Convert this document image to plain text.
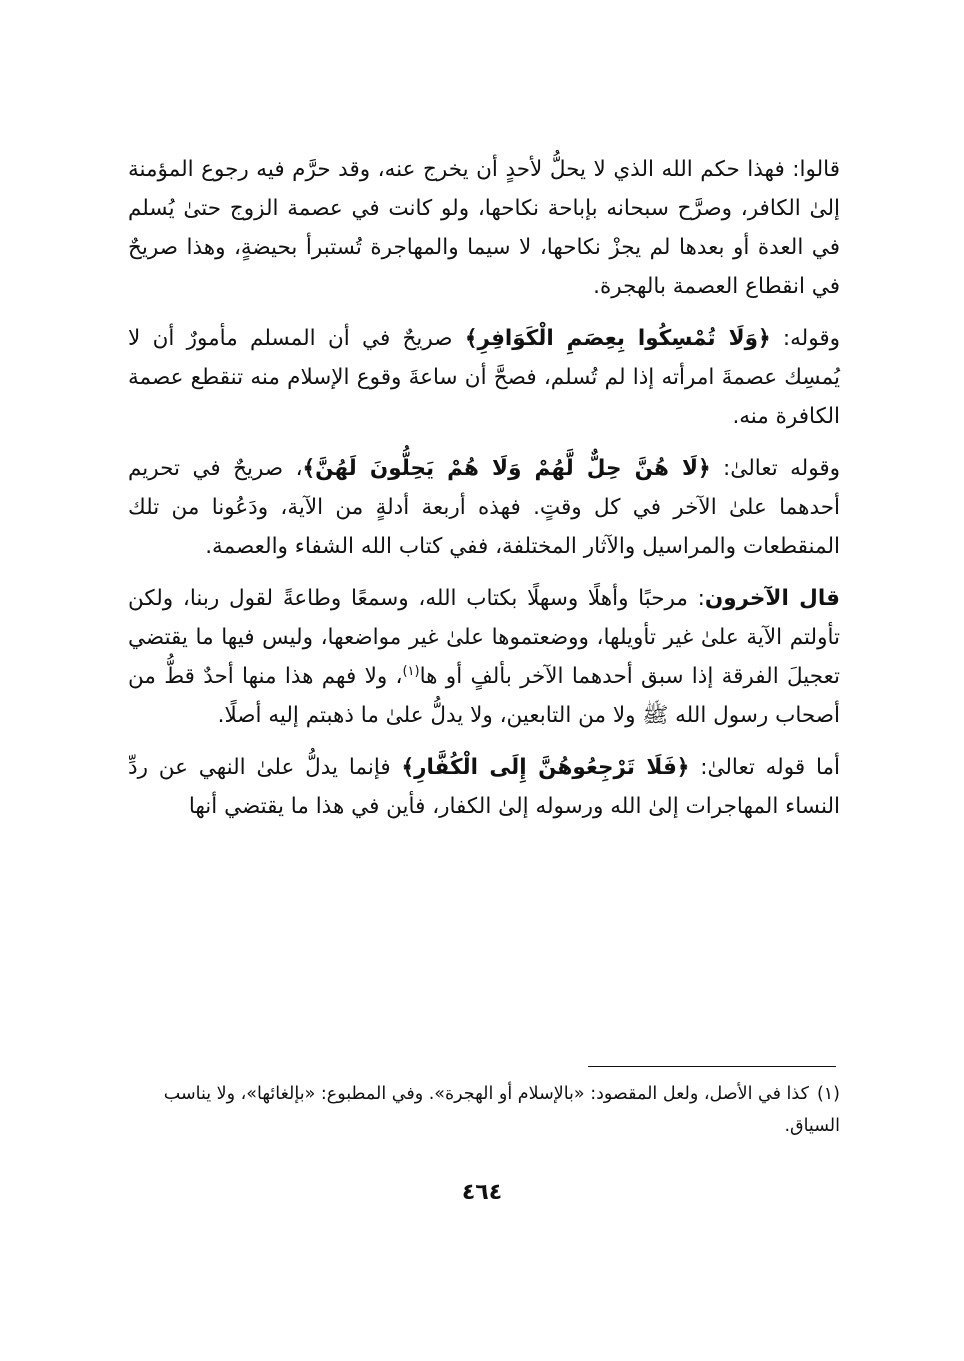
قالوا: فهذا حكم الله الذي لا يحلُّ لأحدٍ أن يخرج عنه، وقد حرَّم فيه رجوع المؤمنة إلىٰ الكافر، وصرَّح سبحانه بإباحة نكاحها، ولو كانت في عصمة الزوج حتىٰ يُسلم في العدة أو بعدها لم يجزْ نكاحها، لا سيما والمهاجرة تُستبرأ بحيضةٍ، وهذا صريحٌ في انقطاع العصمة بالهجرة.

وقوله: ﴿وَلَا تُمْسِكُوا بِعِصَمِ الْكَوَافِرِ﴾ صريحٌ في أن المسلم مأمورٌ أن لا يُمسِك عصمةَ امرأته إذا لم تُسلم، فصحَّ أن ساعةَ وقوع الإسلام منه تنقطع عصمة الكافرة منه.

وقوله تعالىٰ: ﴿لَا هُنَّ حِلٌّ لَّهُمْ وَلَا هُمْ يَحِلُّونَ لَهُنَّ﴾، صريحٌ في تحريم أحدهما علىٰ الآخر في كل وقتٍ. فهذه أربعة أدلةٍ من الآية، ودَعُونا من تلك المنقطعات والمراسيل والآثار المختلفة، ففي كتاب الله الشفاء والعصمة.

قال الآخرون: مرحبًا وأهلًا وسهلًا بكتاب الله، وسمعًا وطاعةً لقول ربنا، ولكن تأولتم الآية علىٰ غير تأويلها، ووضعتموها علىٰ غير مواضعها، وليس فيها ما يقتضي تعجيلَ الفرقة إذا سبق أحدهما الآخر بألفٍ أو ها$^{(١)}$، ولا فهم هذا منها أحدٌ قطُّ من أصحاب رسول الله ﷺ ولا من التابعين، ولا يدلُّ علىٰ ما ذهبتم إليه أصلًا.

أما قوله تعالىٰ: ﴿فَلَا تَرْجِعُوهُنَّ إِلَى الْكُفَّارِ﴾ فإنما يدلُّ علىٰ النهي عن ردِّ النساء المهاجرات إلىٰ الله ورسوله إلىٰ الكفار، فأين في هذا ما يقتضي أنها

(١)كذا في الأصل، ولعل المقصود: «بالإسلام أو الهجرة». وفي المطبوع: «بإلغائها»، ولا يناسب السياق.
٤٦٤
